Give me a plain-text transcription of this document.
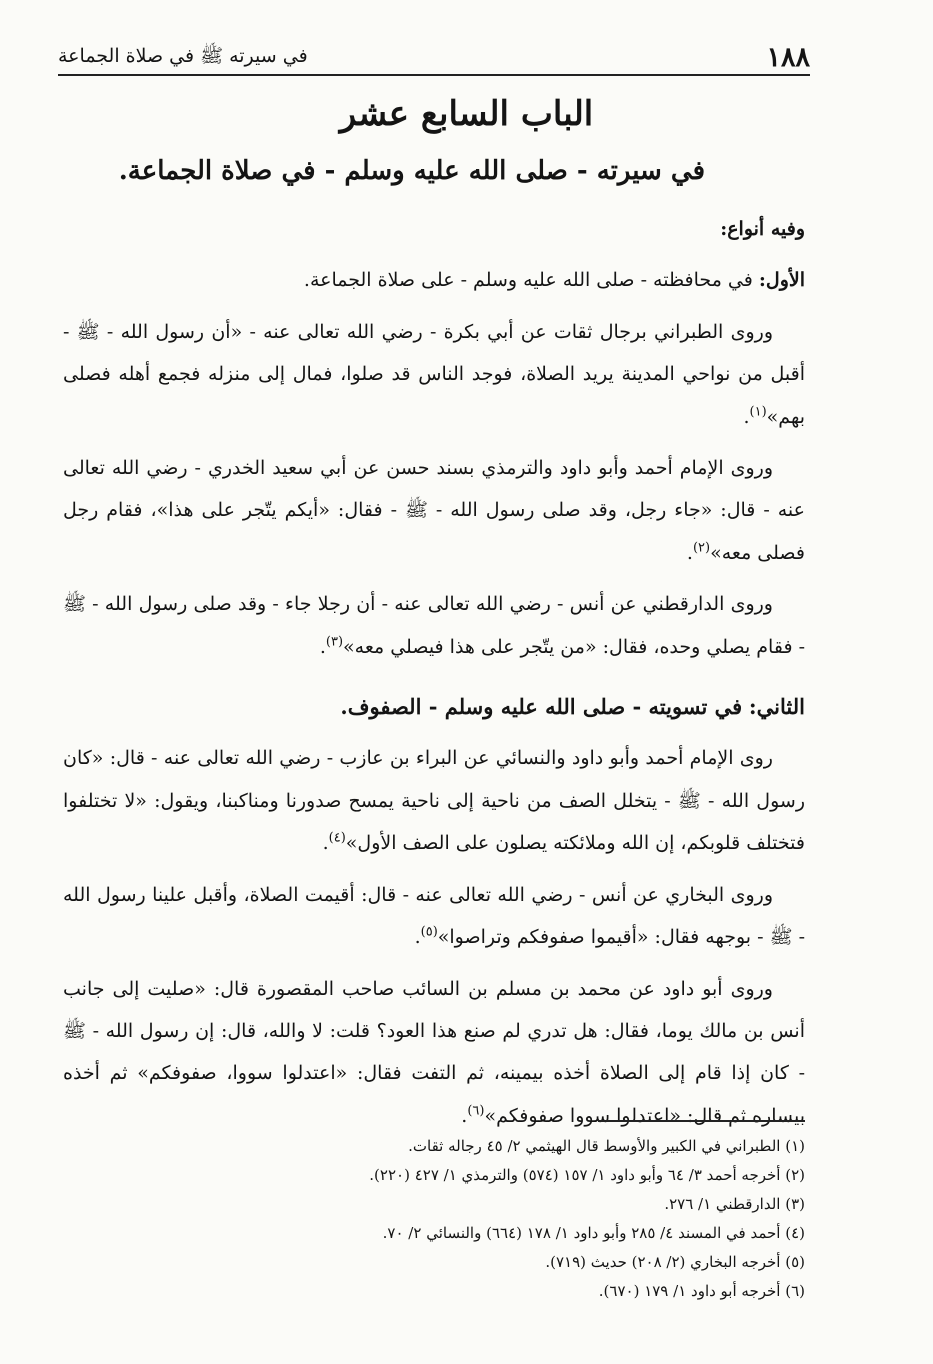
١٨٨
في سيرته ﷺ في صلاة الجماعة
الباب السابع عشر
في سيرته - صلى الله عليه وسلم - في صلاة الجماعة.

وفيه أنواع:

الأول: في محافظته - صلى الله عليه وسلم - على صلاة الجماعة.

وروى الطبراني برجال ثقات عن أبي بكرة - رضي الله تعالى عنه - «أن رسول الله - ﷺ - أقبل من نواحي المدينة يريد الصلاة، فوجد الناس قد صلوا، فمال إلى منزله فجمع أهله فصلى بهم»$^{(١)}$.

وروى الإمام أحمد وأبو داود والترمذي بسند حسن عن أبي سعيد الخدري - رضي الله تعالى عنه - قال: «جاء رجل، وقد صلى رسول الله - ﷺ - فقال: «أيكم يتّجر على هذا»، فقام رجل فصلى معه»$^{(٢)}$.

وروى الدارقطني عن أنس - رضي الله تعالى عنه - أن رجلا جاء - وقد صلى رسول الله - ﷺ - فقام يصلي وحده، فقال: «من يتّجر على هذا فيصلي معه»$^{(٣)}$.

الثاني: في تسويته - صلى الله عليه وسلم - الصفوف.

روى الإمام أحمد وأبو داود والنسائي عن البراء بن عازب - رضي الله تعالى عنه - قال: «كان رسول الله - ﷺ - يتخلل الصف من ناحية إلى ناحية يمسح صدورنا ومناكبنا، ويقول: «لا تختلفوا فتختلف قلوبكم، إن الله وملائكته يصلون على الصف الأول»$^{(٤)}$.

وروى البخاري عن أنس - رضي الله تعالى عنه - قال: أقيمت الصلاة، وأقبل علينا رسول الله - ﷺ - بوجهه فقال: «أقيموا صفوفكم وتراصوا»$^{(٥)}$.

وروى أبو داود عن محمد بن مسلم بن السائب صاحب المقصورة قال: «صليت إلى جانب أنس بن مالك يوما، فقال: هل تدري لم صنع هذا العود؟ قلت: لا والله، قال: إن رسول الله - ﷺ - كان إذا قام إلى الصلاة أخذه بيمينه، ثم التفت فقال: «اعتدلوا سووا، صفوفكم» ثم أخذه بيساره ثم قال: «اعتدلوا سووا صفوفكم»$^{(٦)}$.

(١) الطبراني في الكبير والأوسط قال الهيثمي ٢/ ٤٥ رجاله ثقات.
(٢) أخرجه أحمد ٣/ ٦٤ وأبو داود ١/ ١٥٧ (٥٧٤) والترمذي ١/ ٤٢٧ (٢٢٠).
(٣) الدارقطني ١/ ٢٧٦.
(٤) أحمد في المسند ٤/ ٢٨٥ وأبو داود ١/ ١٧٨ (٦٦٤) والنسائي ٢/ ٧٠.
(٥) أخرجه البخاري (٢/ ٢٠٨) حديث (٧١٩).
(٦) أخرجه أبو داود ١/ ١٧٩ (٦٧٠).
